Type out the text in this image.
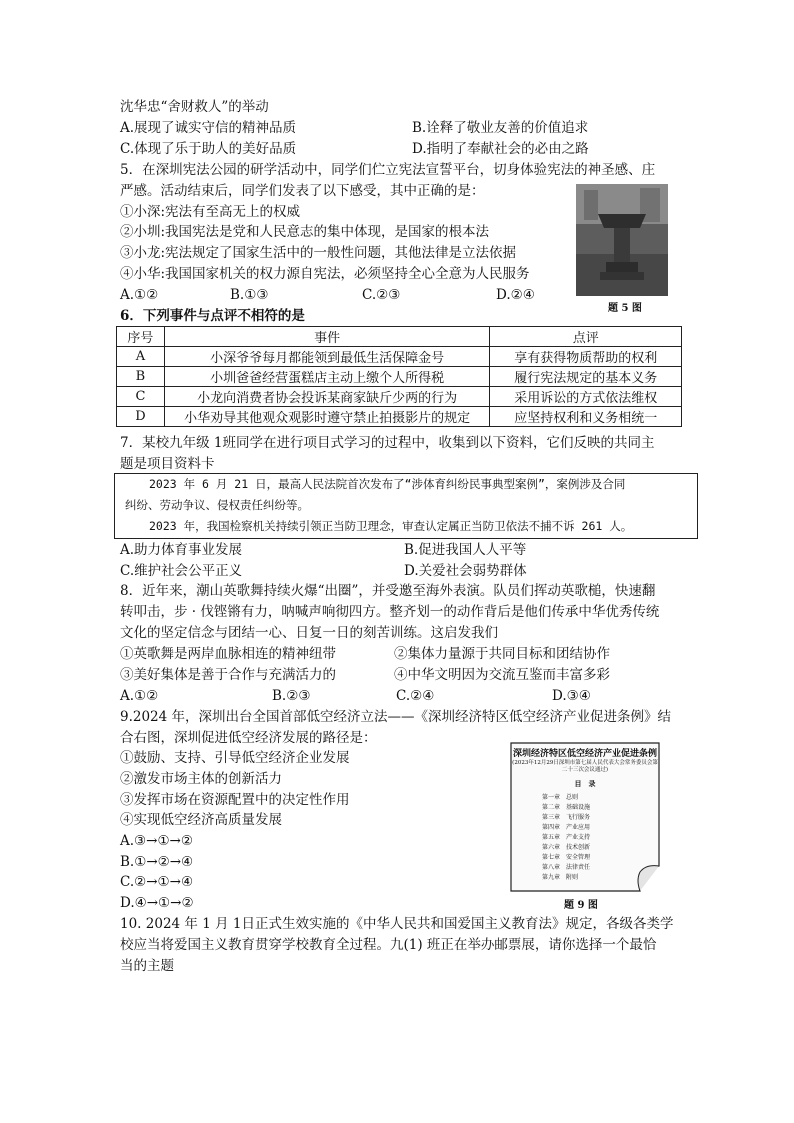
沈华忠“舍财救人”的举动
A.展现了诚实守信的精神品质	B.诠释了敬业友善的价值追求
C.体现了乐于助人的美好品质	D.指明了奉献社会的必由之路
5．在深圳宪法公园的研学活动中，同学们伫立宪法宣誓平台，切身体验宪法的神圣感、庄
严感。活动结束后，同学们发表了以下感受，其中正确的是：
①小深:宪法有至高无上的权威
②小圳:我国宪法是党和人民意志的集中体现，是国家的根本法
③小龙:宪法规定了国家生活中的一般性问题，其他法律是立法依据
④小华:我国国家机关的权力源自宪法，必须坚持全心全意为人民服务
A.①②	B.①③	C.②③	D.②④
题 5 图
6．下列事件与点评不相符的是
序号	事件	点评
A	小深爷爷每月都能领到最低生活保障金号	享有获得物质帮助的权利
B	小圳爸爸经营蛋糕店主动上缴个人所得税	履行宪法规定的基本义务
C	小龙向消费者协会投诉某商家缺斤少两的行为	采用诉讼的方式依法维权
D	小华劝导其他观众观影时遵守禁止拍摄影片的规定	应坚持权利和义务相统一
7．某校九年级 1班同学在进行项目式学习的过程中，收集到以下资料，它们反映的共同主
题是项目资料卡

2023 年 6 月 21 日，最高人民法院首次发布了“涉体育纠纷民事典型案例”，案例涉及合同

纠纷、劳动争议、侵权责任纠纷等。

2023 年，我国检察机关持续引领正当防卫理念，审查认定属正当防卫依法不捕不诉 261 人。

A.助力体育事业发展	B.促进我国人人平等
C.维护社会公平正义	D.关爱社会弱势群体
8．近年来，潮山英歌舞持续火爆“出圈”，并受邀至海外表演。队员们挥动英歌槌，快速翻
转叩击，步 · 伐铿锵有力，呐喊声响彻四方。整齐划一的动作背后是他们传承中华优秀传统
文化的坚定信念与团结一心、日复一日的刻苦训练。这启发我们
①英歌舞是两岸血脉相连的精神纽带	②集体力量源于共同目标和团结协作
③美好集体是善于合作与充满活力的	④中华文明因为交流互鉴而丰富多彩
A.①②	B.②③	C.②④	D.③④
9.2024 年，深圳出台全国首部低空经济立法——《深圳经济特区低空经济产业促进条例》结
合右图，深圳促进低空经济发展的路径是：
①鼓励、支持、引导低空经济企业发展
②激发市场主体的创新活力
③发挥市场在资源配置中的决定性作用
④实现低空经济高质量发展
A.③→①→②
B.①→②→④
C.②→①→④
D.④→①→②
深圳经济特区低空经济产业促进条例
(2023年12月29日深圳市第七届人民代表大会常务委员会第二十三次会议通过)
目　录
第一章　总则
第二章　基础设施
第三章　飞行服务
第四章　产业应用
第五章　产业支持
第六章　技术创新
第七章　安全管理
第八章　法律责任
第九章　附则
题 9 图
10. 2024 年 1 月 1日正式生效实施的《中华人民共和国爱国主义教育法》规定，各级各类学
校应当将爱国主义教育贯穿学校教育全过程。九(1) 班正在举办邮票展，请你选择一个最恰
当的主题
